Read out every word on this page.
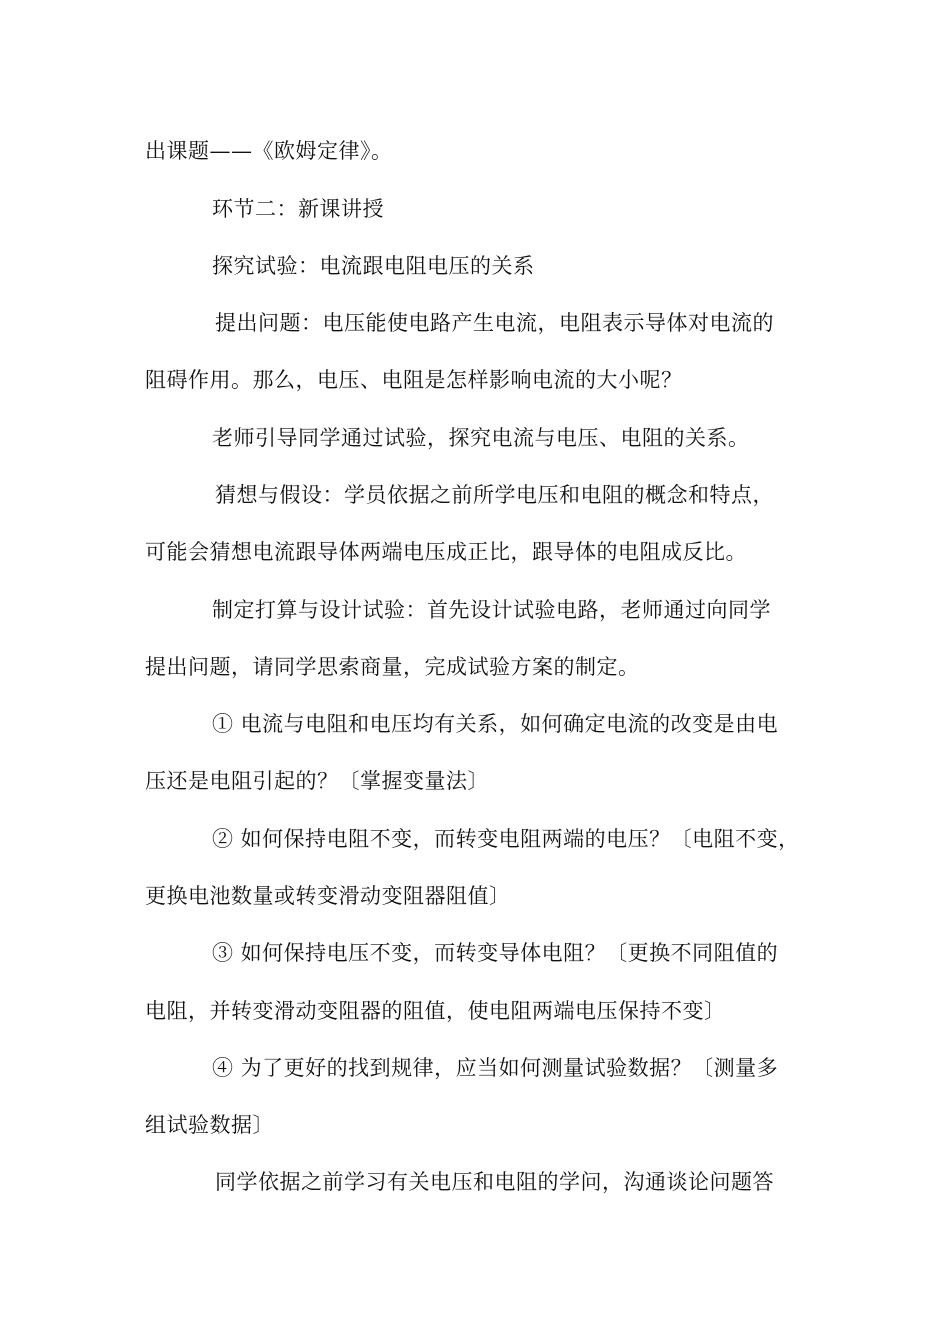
出课题——《欧姆定律》。
环节二：新课讲授
探究试验：电流跟电阻电压的关系
提出问题：电压能使电路产生电流，电阻表示导体对电流的
阻碍作用。那么，电压、电阻是怎样影响电流的大小呢？
老师引导同学通过试验，探究电流与电压、电阻的关系。
猜想与假设：学员依据之前所学电压和电阻的概念和特点，
可能会猜想电流跟导体两端电压成正比，跟导体的电阻成反比。
制定打算与设计试验：首先设计试验电路，老师通过向同学
提出问题，请同学思索商量，完成试验方案的制定。
① 电流与电阻和电压均有关系，如何确定电流的改变是由电
压还是电阻引起的？〔掌握变量法〕
② 如何保持电阻不变，而转变电阻两端的电压？〔电阻不变，
更换电池数量或转变滑动变阻器阻值〕
③ 如何保持电压不变，而转变导体电阻？〔更换不同阻值的
电阻，并转变滑动变阻器的阻值，使电阻两端电压保持不变〕
④ 为了更好的找到规律，应当如何测量试验数据？〔测量多
组试验数据〕
同学依据之前学习有关电压和电阻的学问，沟通谈论问题答
